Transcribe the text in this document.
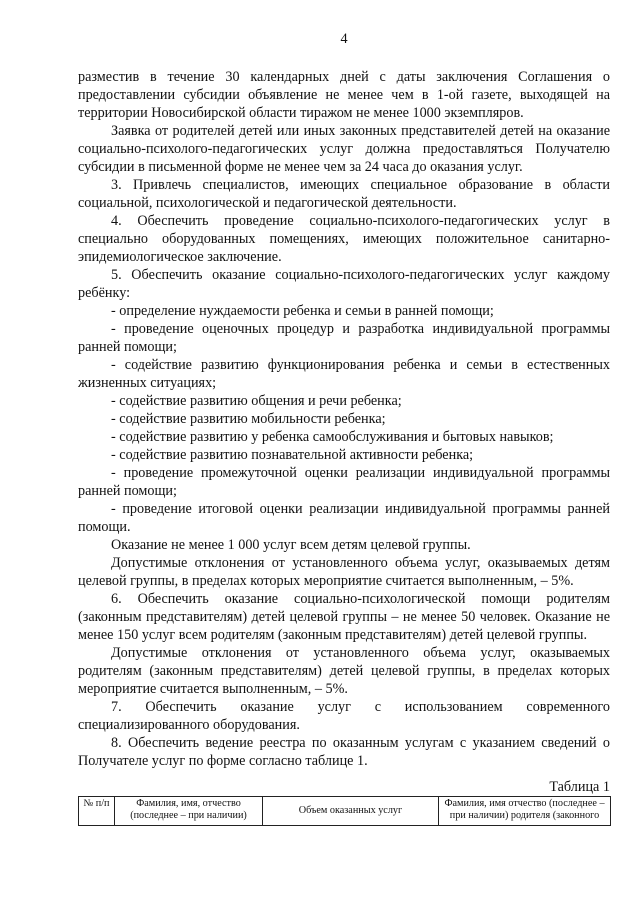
4

разместив в течение 30 календарных дней с даты заключения Соглашения о предоставлении субсидии объявление не менее чем в 1-ой газете, выходящей на территории Новосибирской области тиражом не менее 1000 экземпляров.

Заявка от родителей детей или иных законных представителей детей на оказание социально-психолого-педагогических услуг должна предоставляться Получателю субсидии в письменной форме не менее чем за 24 часа до оказания услуг.

3. Привлечь специалистов, имеющих специальное образование в области социальной, психологической и педагогической деятельности.

4. Обеспечить проведение социально-психолого-педагогических услуг в специально оборудованных помещениях, имеющих положительное санитарно-эпидемиологическое заключение.

5. Обеспечить оказание социально-психолого-педагогических услуг каждому ребёнку:

- определение нуждаемости ребенка и семьи в ранней помощи;

- проведение оценочных процедур и разработка индивидуальной программы ранней помощи;

- содействие развитию функционирования ребенка и семьи в естественных жизненных ситуациях;

- содействие развитию общения и речи ребенка;

- содействие развитию мобильности ребенка;

- содействие развитию у ребенка самообслуживания и бытовых навыков;

- содействие развитию познавательной активности ребенка;

- проведение промежуточной оценки реализации индивидуальной программы ранней помощи;

- проведение итоговой оценки реализации индивидуальной программы ранней помощи.

Оказание не менее 1 000 услуг всем детям целевой группы.

Допустимые отклонения от установленного объема услуг, оказываемых детям целевой группы, в пределах которых мероприятие считается выполненным, – 5%.

6. Обеспечить оказание социально-психологической помощи родителям (законным представителям) детей целевой группы – не менее 50 человек. Оказание не менее 150 услуг всем родителям (законным представителям) детей целевой группы.

Допустимые отклонения от установленного объема услуг, оказываемых родителям (законным представителям) детей целевой группы, в пределах которых мероприятие считается выполненным, – 5%.

7. Обеспечить оказание услуг с использованием современного специализированного оборудования.

8. Обеспечить ведение реестра по оказанным услугам с указанием сведений о Получателе услуг по форме согласно таблице 1.

Таблица 1
№ п/п	Фамилия, имя, отчество (последнее – при наличии)	Объем оказанных услуг	Фамилия, имя отчество (последнее – при наличии) родителя (законного
